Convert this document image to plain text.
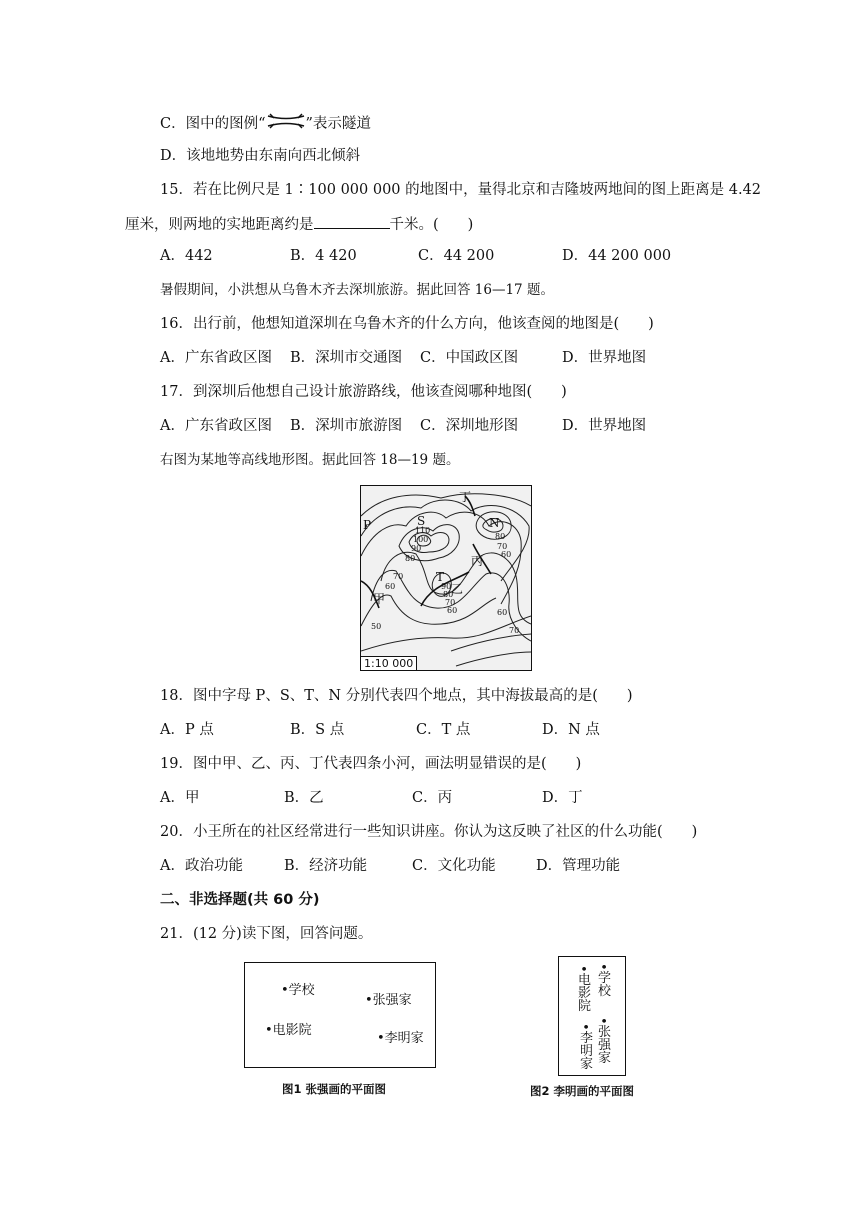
C．图中的图例“	”表示隧道
D．该地地势由东南向西北倾斜
15．若在比例尺是 1∶100 000 000 的地图中，量得北京和吉隆坡两地间的图上距离是 4.42
厘米，则两地的实地距离约是	千米。(　　)
A．442	B．4 420	C．44 200	D．44 200 000
暑假期间，小洪想从乌鲁木齐去深圳旅游。据此回答 16—17 题。
16．出行前，他想知道深圳在乌鲁木齐的什么方向，他该查阅的地图是(　　)
A．广东省政区图 B．深圳市交通图 C．中国政区图	D．世界地图
17．到深圳后他想自己设计旅游路线，他该查阅哪种地图(　　)
A．广东省政区图 B．深圳市旅游图 C．深圳地形图	D．世界地图
右图为某地等高线地形图。据此回答 18—19 题。
P	S
T
N
甲
乙
丙
丁
110
100
90
80
80
70
60
70
60	90
80
70
60
50
60
70
1:10 000
18．图中字母 P、S、T、N 分别代表四个地点，其中海拔最高的是(　　)
A．P 点	B．S 点	C．T 点	D．N 点
19．图中甲、乙、丙、丁代表四条小河，画法明显错误的是(　　)
A．甲	B．乙	C．丙	D．丁
20．小王所在的社区经常进行一些知识讲座。你认为这反映了社区的什么功能(　　)
A．政治功能	B．经济功能	C．文化功能	D．管理功能
二、非选择题(共 60 分)
21．(12 分)读下图，回答问题。
•学校
•张强家
•电影院
•李明家
图1 张强画的平面图
•电影院 •学校
•张强家
•李明家
图2 李明画的平面图
